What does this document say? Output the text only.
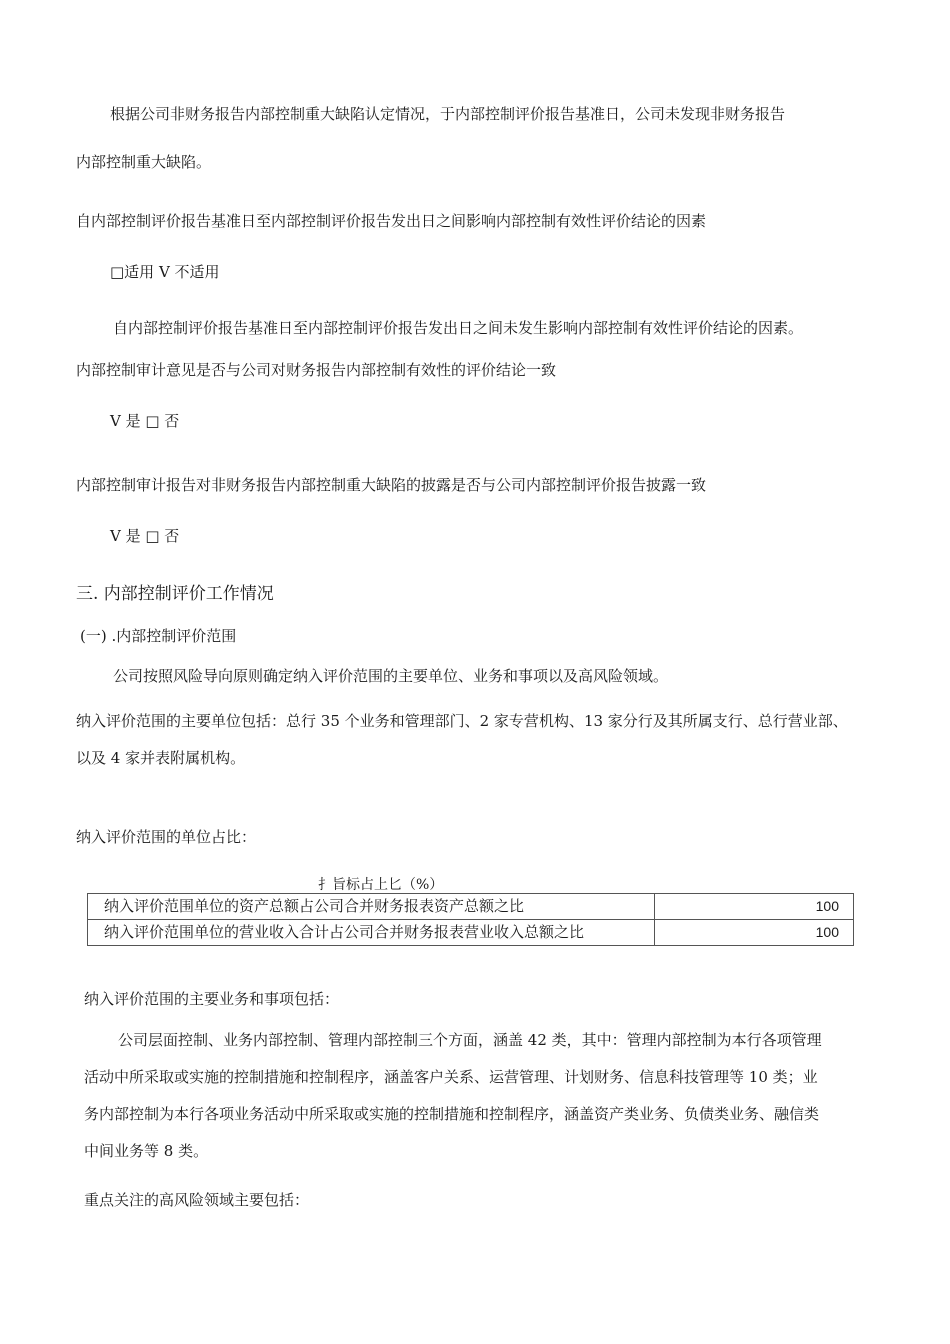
根据公司非财务报告内部控制重大缺陷认定情况，于内部控制评价报告基准日，公司未发现非财务报告
内部控制重大缺陷。
自内部控制评价报告基准日至内部控制评价报告发出日之间影响内部控制有效性评价结论的因素
□适用 V 不适用
自内部控制评价报告基准日至内部控制评价报告发出日之间未发生影响内部控制有效性评价结论的因素。
内部控制审计意见是否与公司对财务报告内部控制有效性的评价结论一致
V 是 □ 否
内部控制审计报告对非财务报告内部控制重大缺陷的披露是否与公司内部控制评价报告披露一致
V 是 □ 否
三. 内部控制评价工作情况
(一) .内部控制评价范围
公司按照风险导向原则确定纳入评价范围的主要单位、业务和事项以及高风险领域。
纳入评价范围的主要单位包括：总行 35 个业务和管理部门、2 家专营机构、13 家分行及其所属支行、总行营业部、
以及 4 家并表附属机构。
纳入评价范围的单位占比：
扌旨标占上匕（%）
纳入评价范围单位的资产总额占公司合并财务报表资产总额之比	100
纳入评价范围单位的营业收入合计占公司合并财务报表营业收入总额之比	100
纳入评价范围的主要业务和事项包括：
公司层面控制、业务内部控制、管理内部控制三个方面，涵盖 42 类，其中：管理内部控制为本行各项管理
活动中所采取或实施的控制措施和控制程序，涵盖客户关系、运营管理、计划财务、信息科技管理等 10 类；业
务内部控制为本行各项业务活动中所采取或实施的控制措施和控制程序，涵盖资产类业务、负债类业务、融信类
中间业务等 8 类。
重点关注的高风险领域主要包括：
